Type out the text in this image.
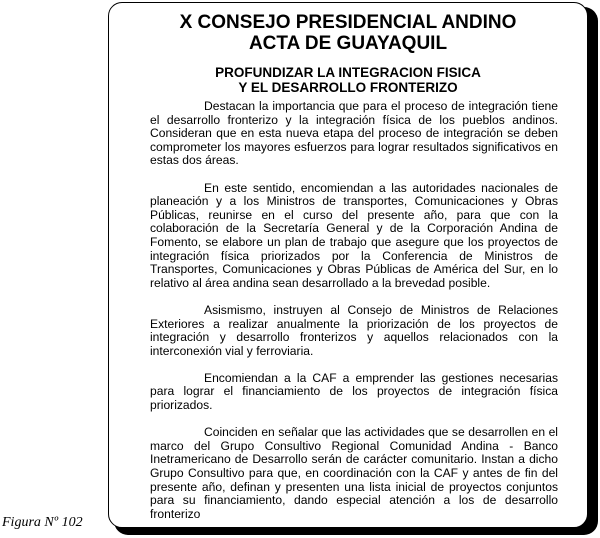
X CONSEJO PRESIDENCIAL ANDINO
ACTA DE GUAYAQUIL
PROFUNDIZAR LA INTEGRACION FISICA
Y EL DESARROLLO FRONTERIZO

Destacan la importancia que para el proceso de integración tiene el desarrollo fronterizo y la integración física de los pueblos andinos. Consideran que en esta nueva etapa del proceso de integración se deben comprometer los mayores esfuerzos para lograr resultados significativos en estas dos áreas.

En este sentido, encomiendan a las autoridades nacionales de planeación y a los Ministros de transportes, Comunicaciones y Obras Públicas, reunirse en el curso del presente año, para que con la colaboración de la Secretaría General y de la Corporación Andina de Fomento, se elabore un plan de trabajo que asegure que los proyectos de integración física priorizados por la Conferencia de Ministros de Transportes, Comunicaciones y Obras Públicas de América del Sur, en lo relativo al área andina sean desarrollado a la brevedad posible.

Asismismo, instruyen al Consejo de Ministros de Relaciones Exteriores a realizar anualmente la priorización de los proyectos de integración y desarrollo fronterizos y aquellos relacionados con la interconexión vial y ferroviaria.

Encomiendan a la CAF a emprender las gestiones necesarias para lograr el financiamiento de los proyectos de integración física priorizados.

Coinciden en señalar que las actividades que se desarrollen en el marco del Grupo Consultivo Regional Comunidad Andina - Banco Inetramericano de Desarrollo serán de carácter comunitario. Instan a dicho Grupo Consultivo para que, en coordinación con la CAF y antes de fin del presente año, definan y presenten una lista inicial de proyectos conjuntos para su financiamiento, dando especial atención a los de desarrollo fronterizo

Figura Nº 102
